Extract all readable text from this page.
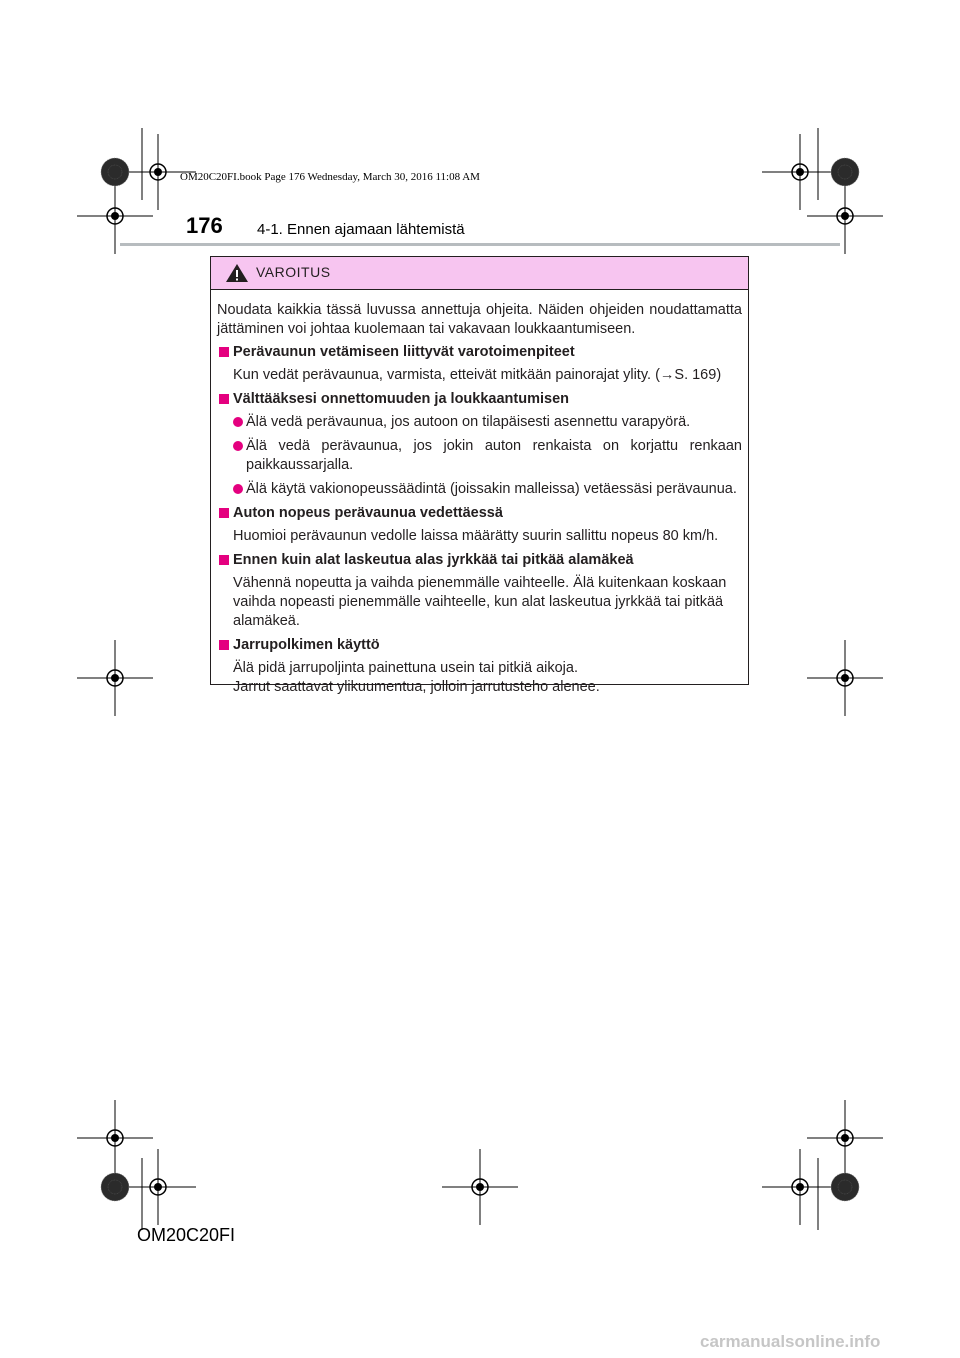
OM20C20FI.book Page 176 Wednesday, March 30, 2016 11:08 AM
176 4-1. Ennen ajamaan lähtemistä
VAROITUS

Noudata kaikkia tässä luvussa annettuja ohjeita. Näiden ohjeiden noudattamatta jättäminen voi johtaa kuolemaan tai vakavaan loukkaantumiseen.

Perävaunun vetämiseen liittyvät varotoimenpiteet
Kun vedät perävaunua, varmista, etteivät mitkään painorajat ylity. (→S. 169)
Välttääksesi onnettomuuden ja loukkaantumisen
Älä vedä perävaunua, jos autoon on tilapäisesti asennettu varapyörä.
Älä vedä perävaunua, jos jokin auton renkaista on korjattu renkaan paikkaussarjalla.
Älä käytä vakionopeussäädintä (joissakin malleissa) vetäessäsi perävaunua.
Auton nopeus perävaunua vedettäessä
Huomioi perävaunun vedolle laissa määrätty suurin sallittu nopeus 80 km/h.
Ennen kuin alat laskeutua alas jyrkkää tai pitkää alamäkeä
Vähennä nopeutta ja vaihda pienemmälle vaihteelle. Älä kuitenkaan koskaan vaihda nopeasti pienemmälle vaihteelle, kun alat laskeutua jyrkkää tai pitkää alamäkeä.
Jarrupolkimen käyttö
Älä pidä jarrupoljinta painettuna usein tai pitkiä aikoja.
Jarrut saattavat ylikuumentua, jolloin jarrutusteho alenee.
OM20C20FI
carmanualsonline.info
